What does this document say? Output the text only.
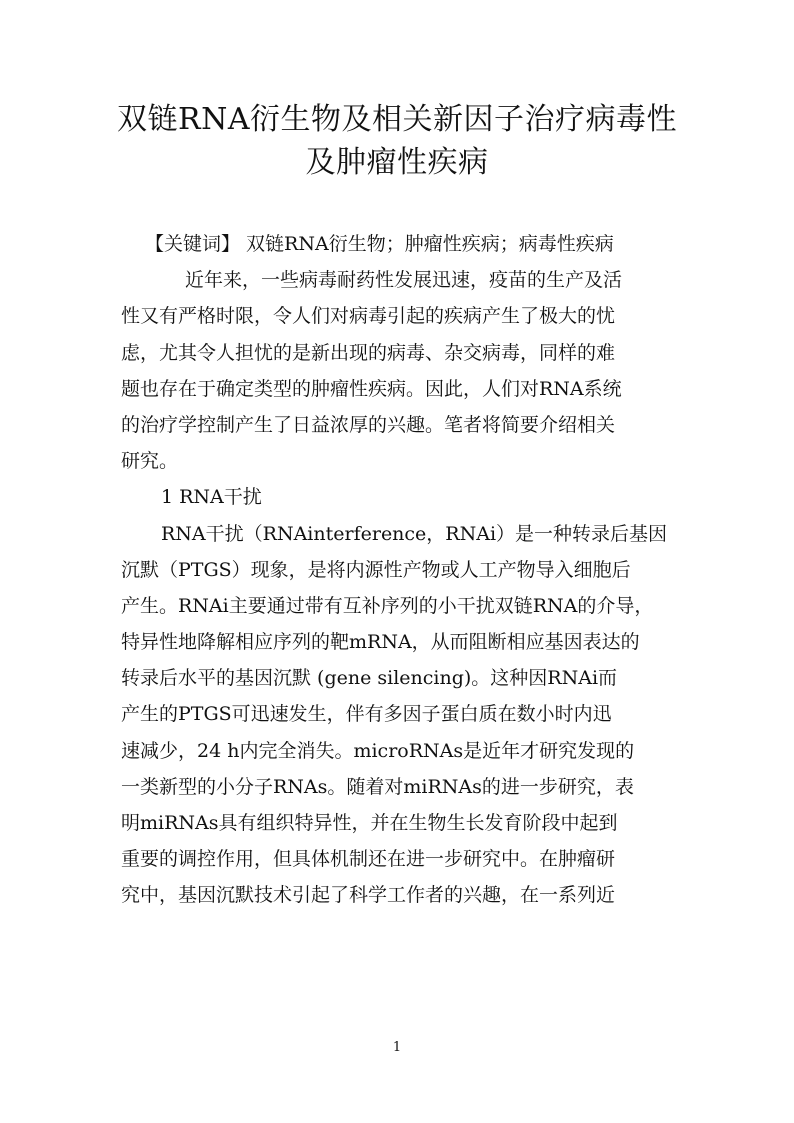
双链RNA衍生物及相关新因子治疗病毒性
及肿瘤性疾病
【关键词】 双链RNA衍生物；肿瘤性疾病；病毒性疾病
近年来，一些病毒耐药性发展迅速，疫苗的生产及活
性又有严格时限，令人们对病毒引起的疾病产生了极大的忧
虑，尤其令人担忧的是新出现的病毒、杂交病毒，同样的难
题也存在于确定类型的肿瘤性疾病。因此，人们对RNA系统
的治疗学控制产生了日益浓厚的兴趣。笔者将简要介绍相关
研究。
1 RNA干扰
RNA干扰（RNAinterference，RNAi）是一种转录后基因
沉默（PTGS）现象，是将内源性产物或人工产物导入细胞后
产生。RNAi主要通过带有互补序列的小干扰双链RNA的介导，
特异性地降解相应序列的靶mRNA，从而阻断相应基因表达的
转录后水平的基因沉默 (gene silencing)。这种因RNAi而
产生的PTGS可迅速发生，伴有多因子蛋白质在数小时内迅
速减少，24 h内完全消失。microRNAs是近年才研究发现的
一类新型的小分子RNAs。随着对miRNAs的进一步研究，表
明miRNAs具有组织特异性，并在生物生长发育阶段中起到
重要的调控作用，但具体机制还在进一步研究中。在肿瘤研
究中，基因沉默技术引起了科学工作者的兴趣，在一系列近
1
